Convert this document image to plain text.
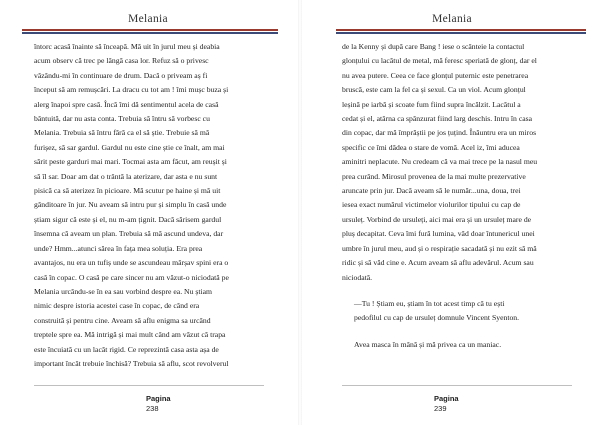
Melania
întorc acasă înainte să înceapă. Mă uit în jurul meu și deabia
acum observ că trec pe lângă casa lor. Refuz să o privesc
vâzându-mi în continuare de drum. Dacă o priveam aș fi
început să am remușcări. La dracu cu tot am ! îmi mușc buza și
alerg înapoi spre casă. Încă îmi dă sentimentul acela de casă
bântuită, dar nu asta conta. Trebuia să întru să vorbesc cu
Melania. Trebuia să întru fără ca el să știe. Trebuie să mă
furișez, să sar gardul. Gardul nu este cine știe ce înalt, am mai
sărit peste garduri mai mari. Tocmai asta am făcut, am reușit și
să îl sar. Doar am dat o trântă la aterizare, dar asta e nu sunt
pisică ca să aterizez în picioare. Mă scutur pe haine și mă uit
gânditoare în jur. Nu aveam să intru pur și simplu în casă unde
știam sigur că este și el, nu m-am țignit. Dacă sărisem gardul
însemna că aveam un plan. Trebuia să mă ascund undeva, dar
unde? Hmm...atunci sărea în fața mea soluția. Era prea
avantajos, nu era un tufiș unde se ascundeau mârșav spini era o
casă în copac. O casă pe care sincer nu am văzut-o niciodată pe
Melania urcându-se în ea sau vorbind despre ea. Nu știam
nimic despre istoria acestei case în copac, de când era
construită și pentru cine. Aveam să aflu enigma sa urcând
treptele spre ea. Mă intrigă și mai mult când am văzut că trapa
este încuiată cu un lacăt rigid. Ce reprezintă casa asta așa de
important încât trebuie închisă? Trebuia să aflu, scot revolverul
Pagina
238
Melania

de la Kenny și după care Bang ! iese o scânteie la contactul
glonțului cu lacătul de metal, mă feresc speriată de glonț, dar el
nu avea putere. Ceea ce face glonțul puternic este penetrarea
bruscă, este cam la fel ca și sexul. Ca un viol. Acum glonțul
leșină pe iarbă și scoate fum fiind supra încălzit. Lacătul a
cedat și el, atârna ca spânzurat fiind larg deschis. Intru în casa
din copac, dar mă împrăștii pe jos țuțind. Înăuntru era un miros
specific ce îmi dădea o stare de vomă. Acel iz, îmi aducea
aminitri neplacute. Nu credeam că va mai trece pe la nasul meu
prea curând. Mirosul provenea de la mai multe prezervative
aruncate prin jur. Dacă aveam să le număr...una, doua, trei
iesea exact numărul victimelor violurilor tipului cu cap de
ursuleț. Vorbind de ursuleți, aici mai era și un ursuleț mare de
pluș decapitat. Ceva îmi fură lumina, văd doar întunericul unei
umbre în jurul meu, aud și o respirație sacadată și nu ezit să mă
ridic și să văd cine e. Acum aveam să aflu adevărul. Acum sau
niciodată.

—Tu ! Știam eu, știam în tot acest timp că tu ești
pedofilul cu cap de ursuleț domnule Vincent Syenton.

Avea masca în mână și mă privea ca un maniac.

Pagina
239
